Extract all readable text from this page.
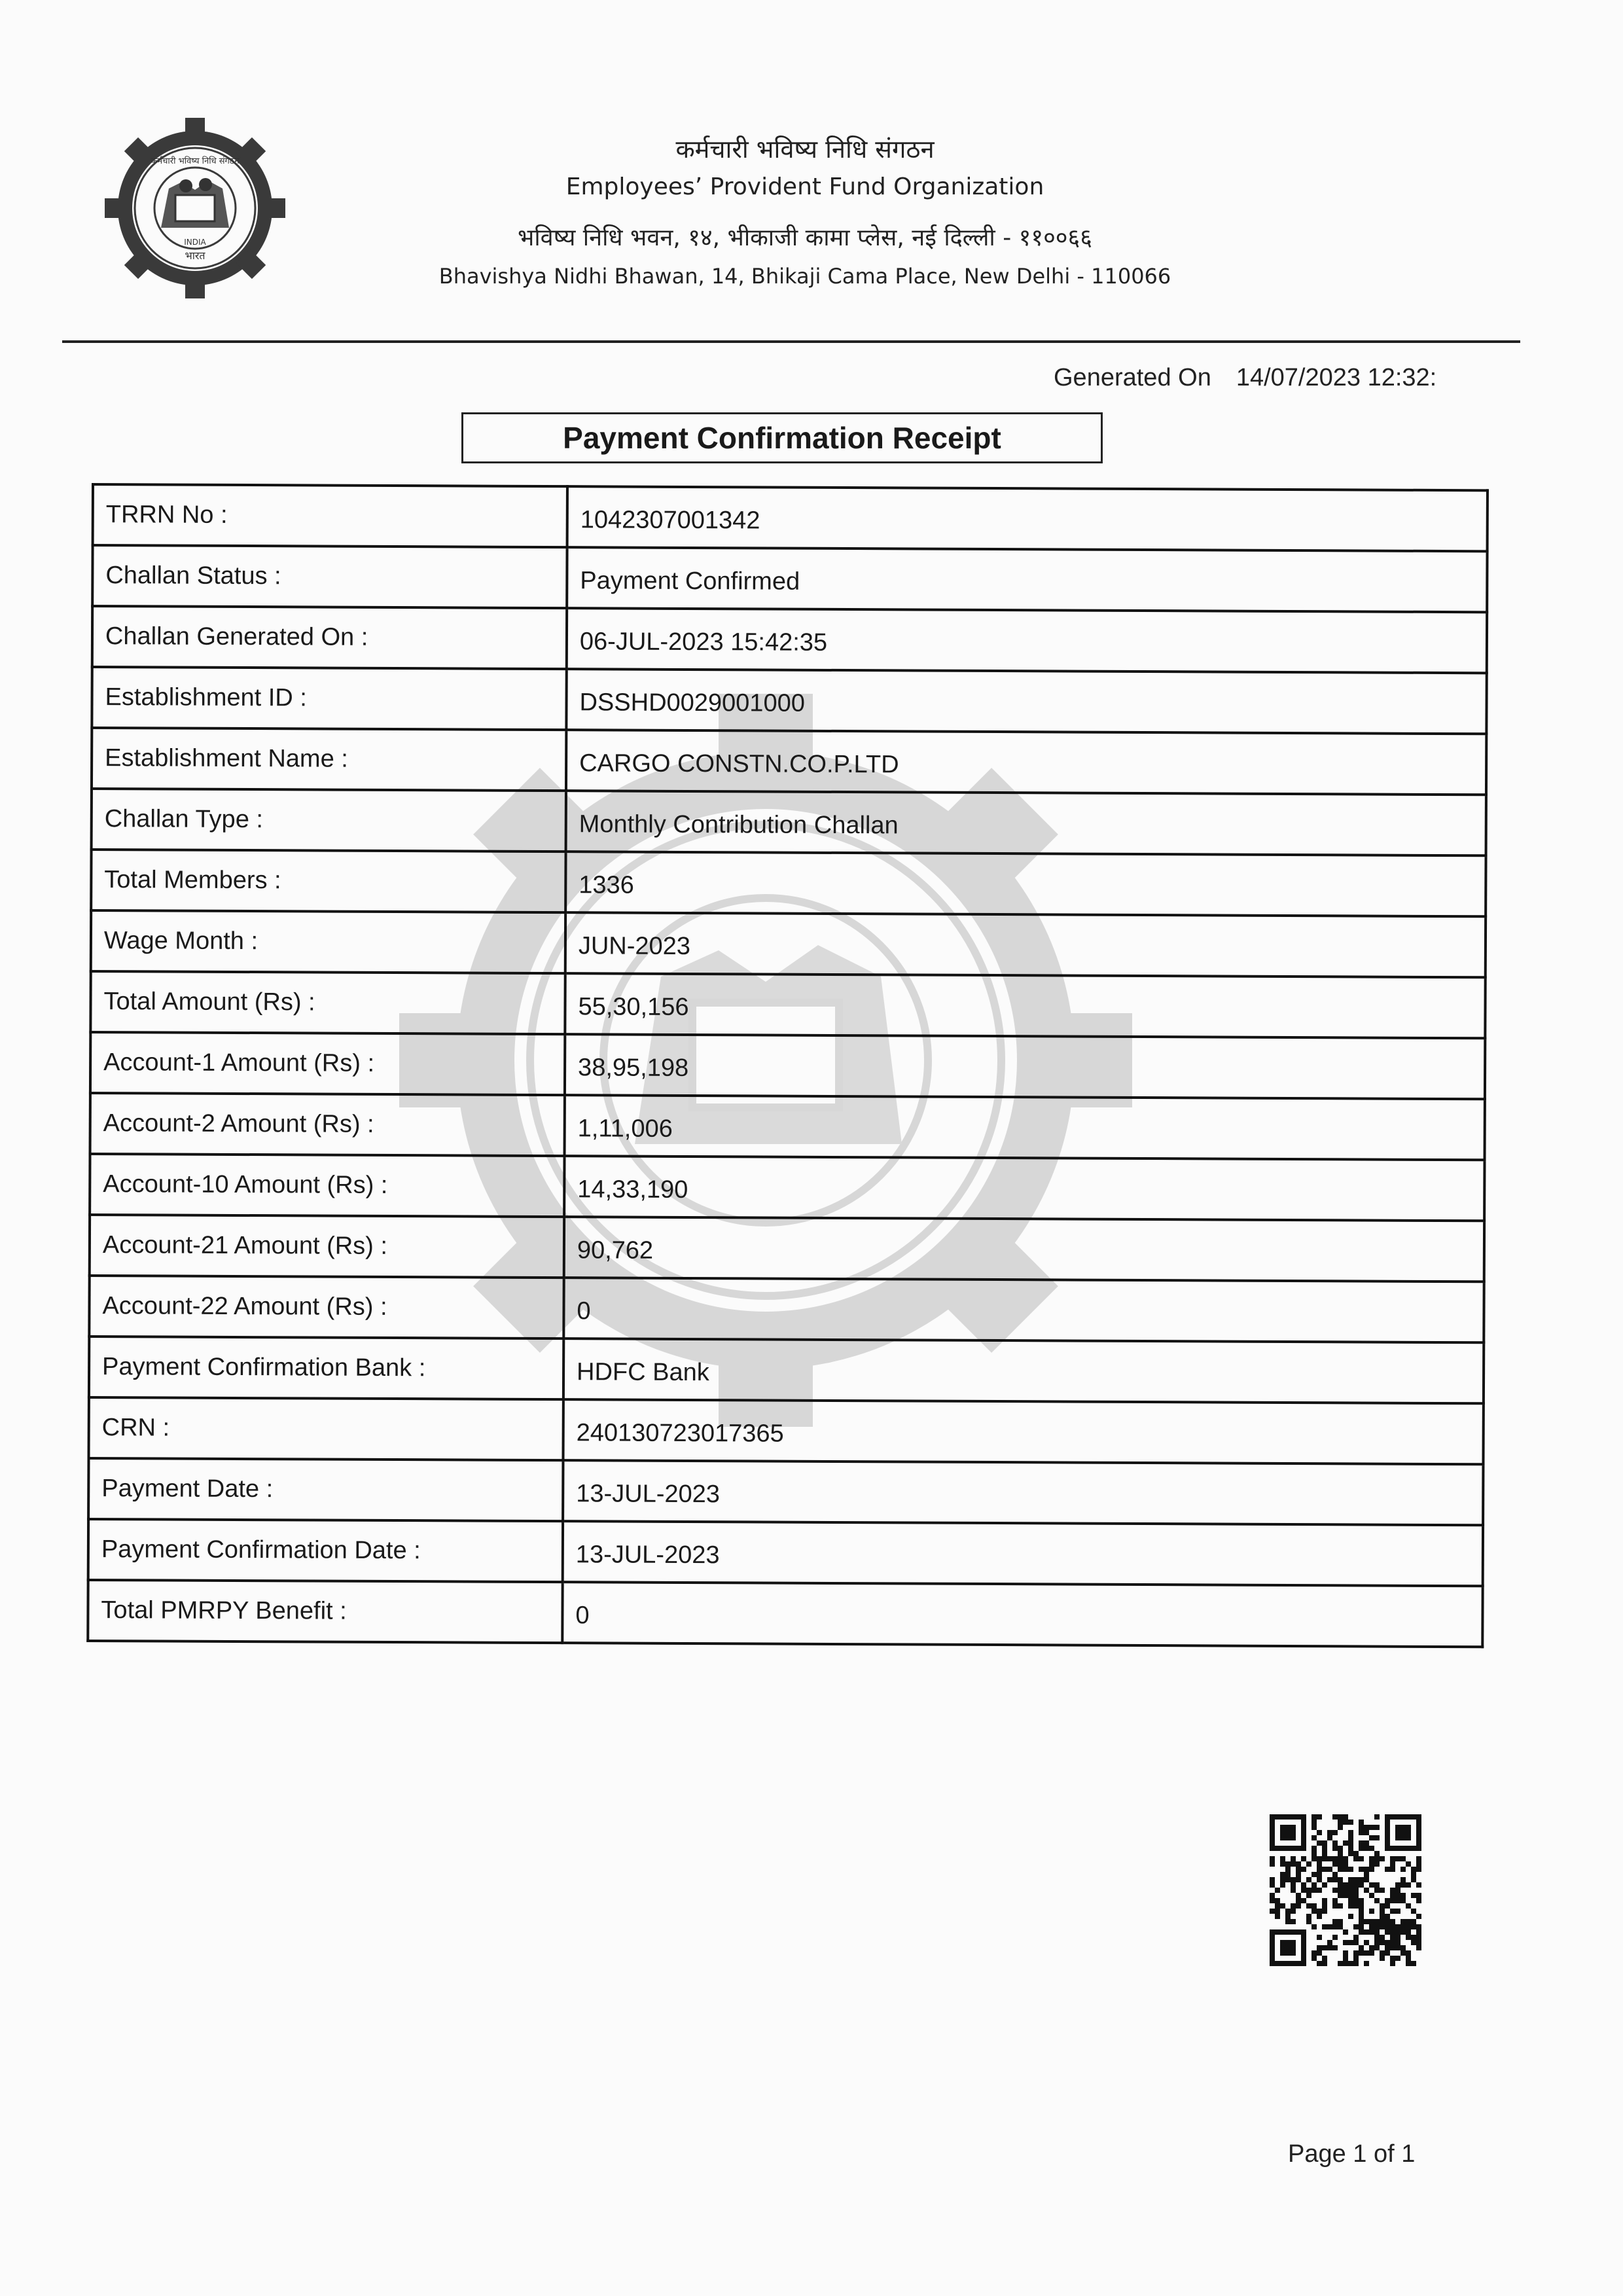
INDIA
भारत
कर्मचारी भविष्य निधि संगठन	कर्मचारी भविष्य निधि संगठन
Employees’ Provident Fund Organization
भविष्य निधि भवन, १४, भीकाजी कामा प्लेस, नई दिल्ली - ११००६६
Bhavishya Nidhi Bhawan, 14, Bhikaji Cama Place, New Delhi - 110066
Generated On 14/07/2023 12:32:
Payment Confirmation Receipt
TRRN No :	1042307001342
Challan Status :	Payment Confirmed
Challan Generated On :	06-JUL-2023 15:42:35
Establishment ID :	DSSHD0029001000
Establishment Name :	CARGO CONSTN.CO.P.LTD
Challan Type :	Monthly Contribution Challan
Total Members :	1336
Wage Month :	JUN-2023
Total Amount (Rs) :	55,30,156
Account-1 Amount (Rs) :	38,95,198
Account-2 Amount (Rs) :	1,11,006
Account-10 Amount (Rs) :	14,33,190
Account-21 Amount (Rs) :	90,762
Account-22 Amount (Rs) :	0
Payment Confirmation Bank :	HDFC Bank
CRN :	240130723017365
Payment Date :	13-JUL-2023
Payment Confirmation Date :	13-JUL-2023
Total PMRPY Benefit :	0
Page 1 of 1
